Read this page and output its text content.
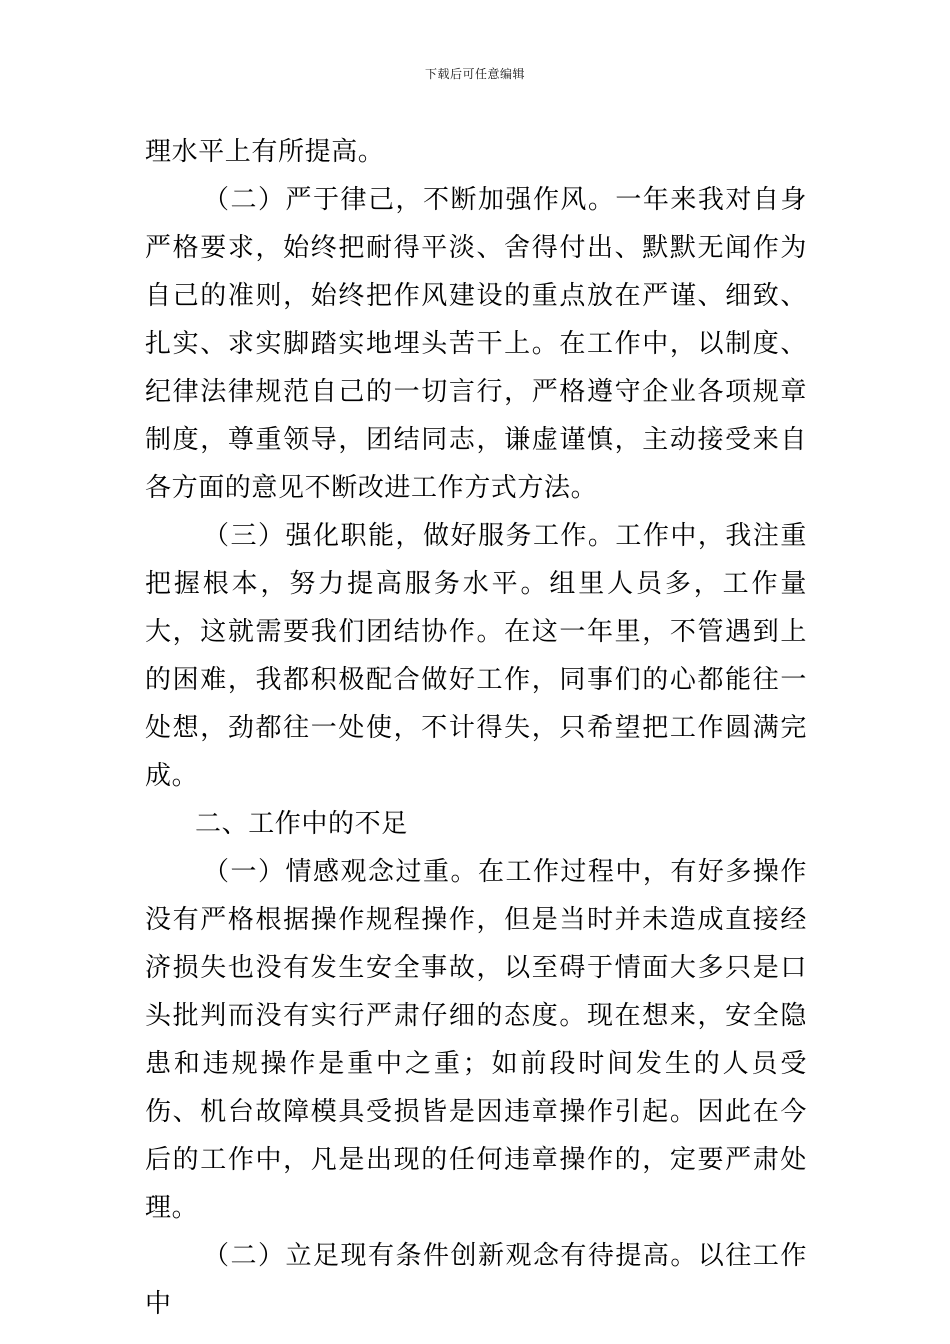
下载后可任意编辑

理水平上有所提高。

（二）严于律己，不断加强作风。一年来我对自身严格要求，始终把耐得平淡、舍得付出、默默无闻作为自己的准则，始终把作风建设的重点放在严谨、细致、扎实、求实脚踏实地埋头苦干上。在工作中，以制度、纪律法律规范自己的一切言行，严格遵守企业各项规章制度，尊重领导，团结同志，谦虚谨慎，主动接受来自各方面的意见不断改进工作方式方法。

（三）强化职能，做好服务工作。工作中，我注重把握根本，努力提高服务水平。组里人员多，工作量大，这就需要我们团结协作。在这一年里，不管遇到上的困难，我都积极配合做好工作，同事们的心都能往一处想，劲都往一处使，不计得失，只希望把工作圆满完成。

二、工作中的不足

（一）情感观念过重。在工作过程中，有好多操作没有严格根据操作规程操作，但是当时并未造成直接经济损失也没有发生安全事故，以至碍于情面大多只是口头批判而没有实行严肃仔细的态度。现在想来，安全隐患和违规操作是重中之重；如前段时间发生的人员受伤、机台故障模具受损皆是因违章操作引起。因此在今后的工作中，凡是出现的任何违章操作的，定要严肃处理。

（二）立足现有条件创新观念有待提高。以往工作中
